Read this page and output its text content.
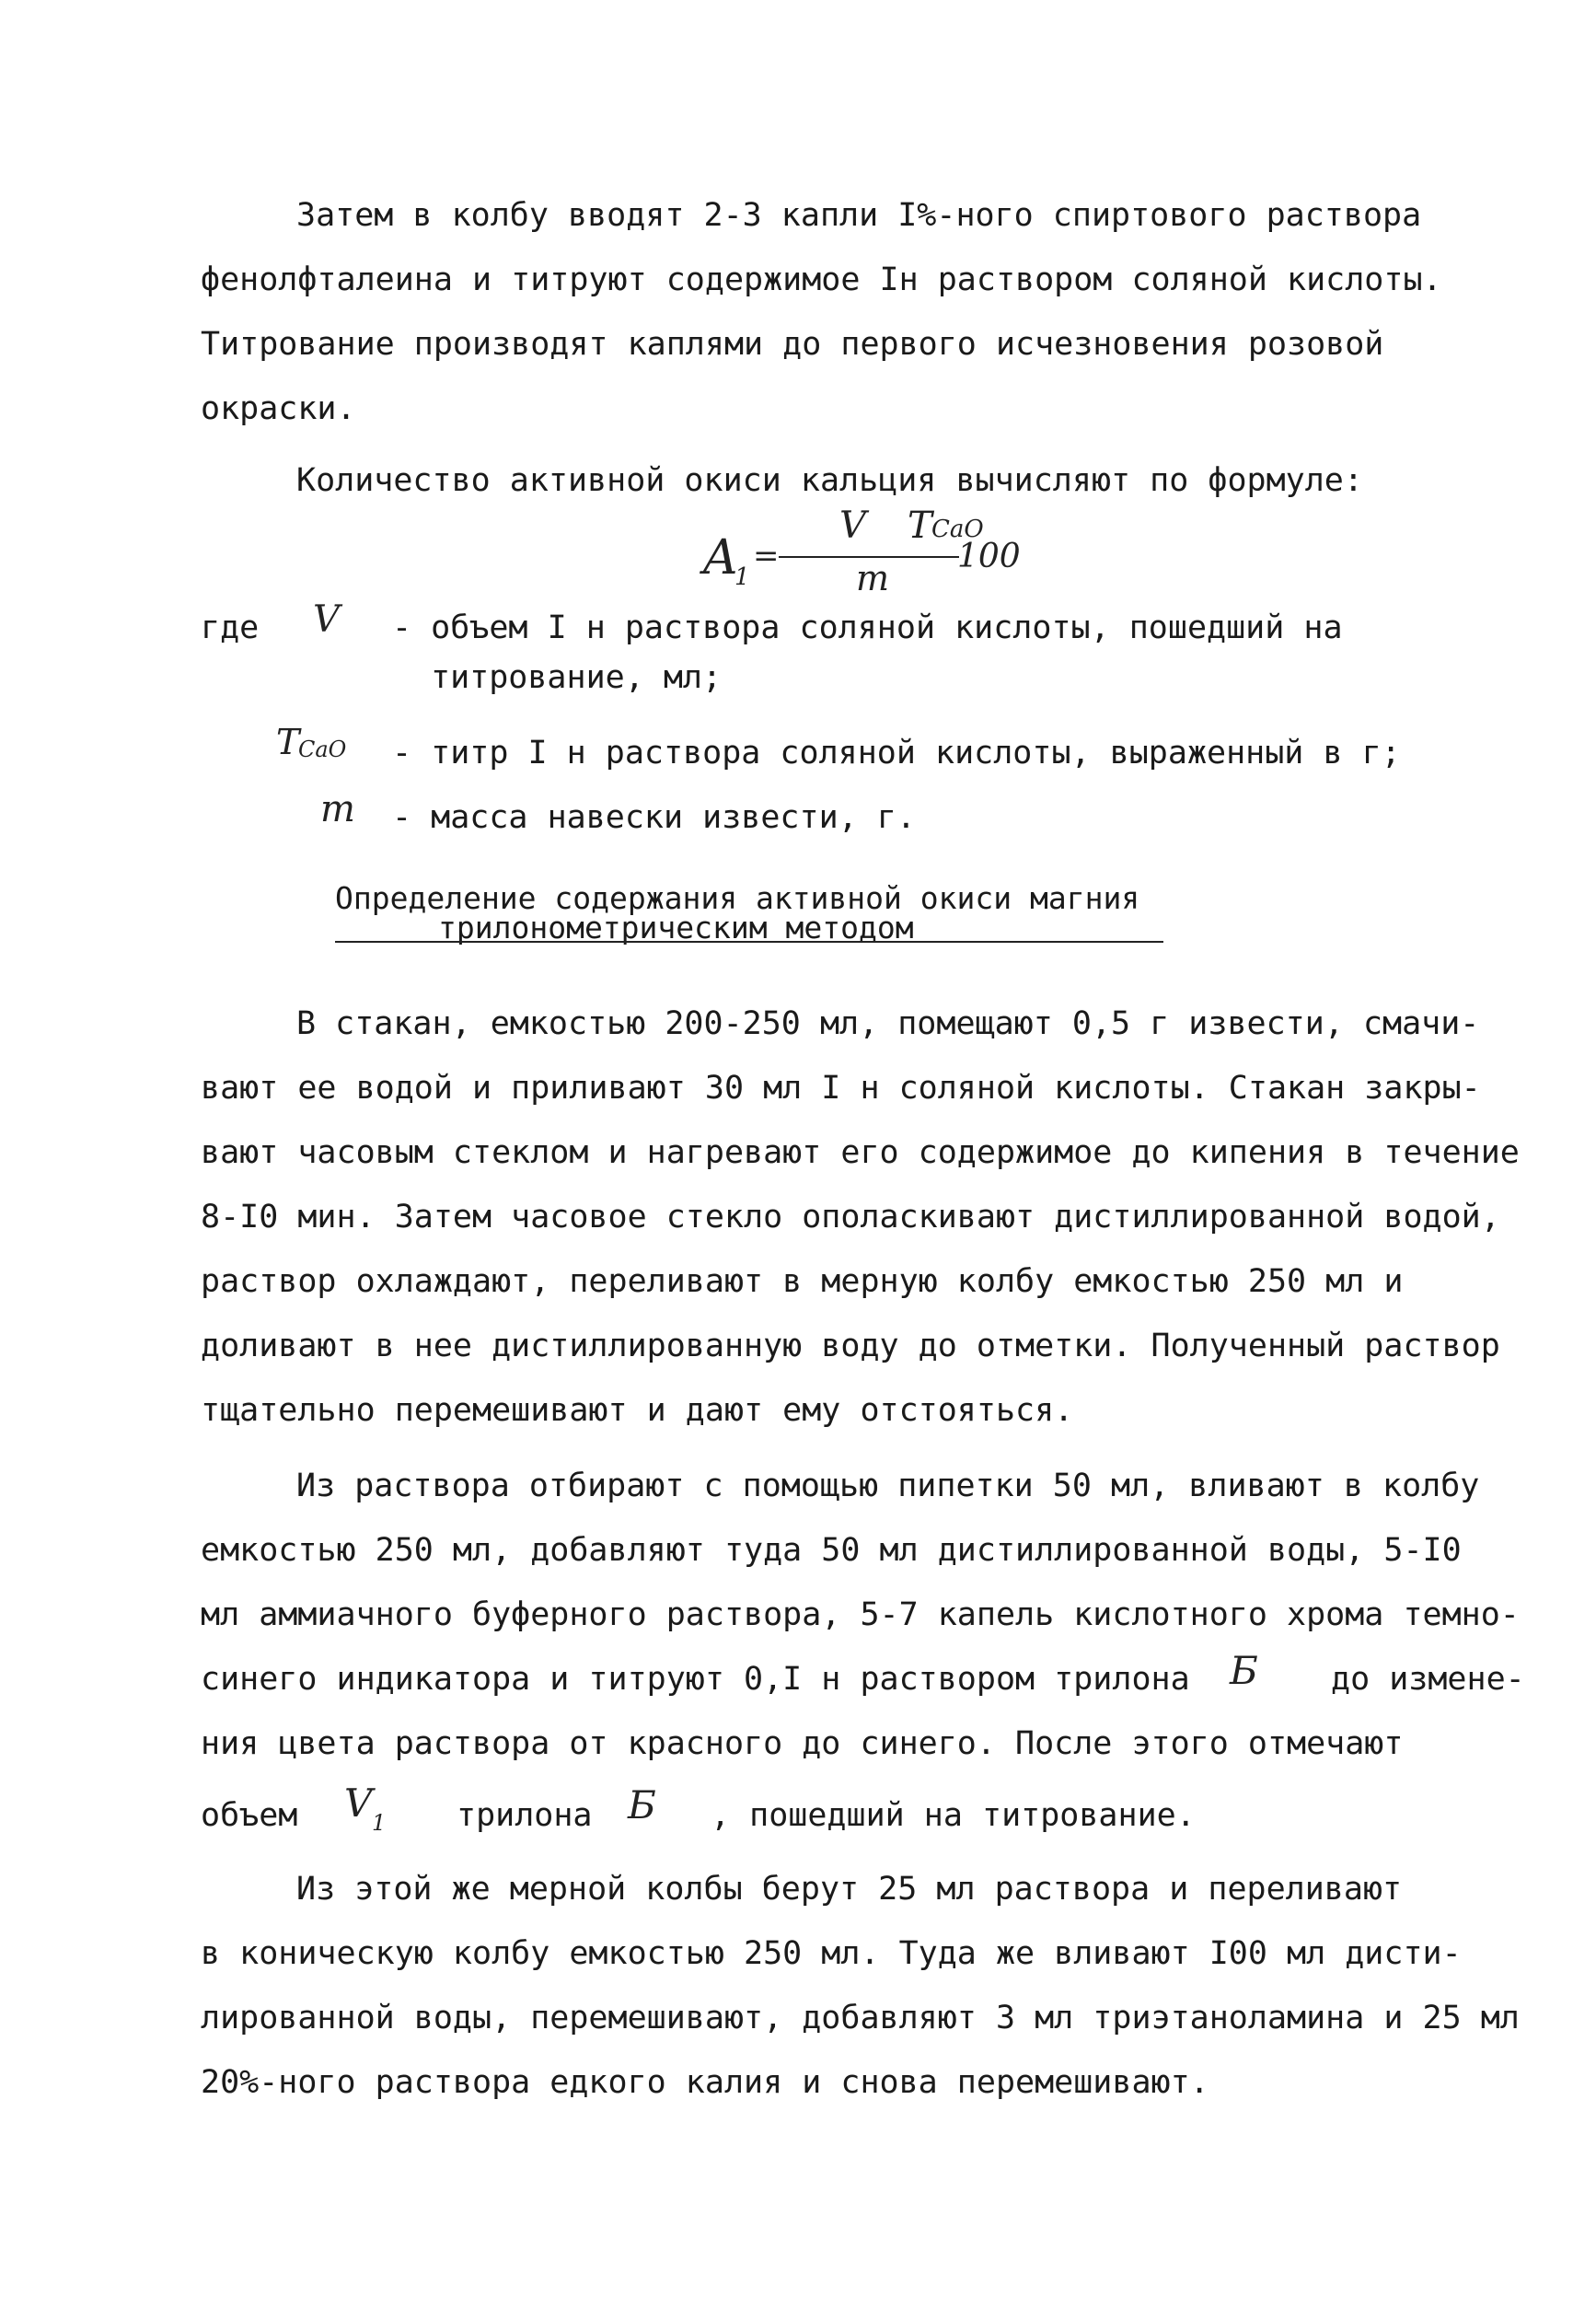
Затем в колбу вводят 2-3 капли I%-ного спиртового раствора
фенолфталеина и титруют содержимое Iн раствором соляной кислоты.
Титрование производят каплями до первого исчезновения розовой
окраски.
Количество активной окиси кальция вычисляют по формуле:
A
1
=
V T CaO
m
100
где V - объем I н раствора соляной кислоты, пошедший на
титрование, мл;
T
CaO - титр I н раствора соляной кислоты, выраженный в г;
m - масса навески извести, г.
Определение содержания активной окиси магния
трилонометрическим методом
В стакан, емкостью 200-250 мл, помещают 0,5 г извести, смачи-
вают ее водой и приливают 30 мл I н соляной кислоты. Стакан закры-
вают часовым стеклом и нагревают его содержимое до кипения в течение
8-I0 мин. Затем часовое стекло ополаскивают дистиллированной водой,
раствор охлаждают, переливают в мерную колбу емкостью 250 мл и
доливают в нее дистиллированную воду до отметки. Полученный раствор
тщательно перемешивают и дают ему отстояться.
Из раствора отбирают с помощью пипетки 50 мл, вливают в колбу
емкостью 250 мл, добавляют туда 50 мл дистиллированной воды, 5-I0
мл аммиачного буферного раствора, 5-7 капель кислотного хрома темно-
синего индикатора и титруют 0,I н раствором трилона Б до измене-
ния цвета раствора от красного до синего. После этого отмечают
объем V 1 трилона Б , пошедший на титрование.
Из этой же мерной колбы берут 25 мл раствора и переливают
в коническую колбу емкостью 250 мл. Туда же вливают I00 мл дисти-
лированной воды, перемешивают, добавляют 3 мл триэтаноламина и 25 мл
20%-ного раствора едкого калия и снова перемешивают.
